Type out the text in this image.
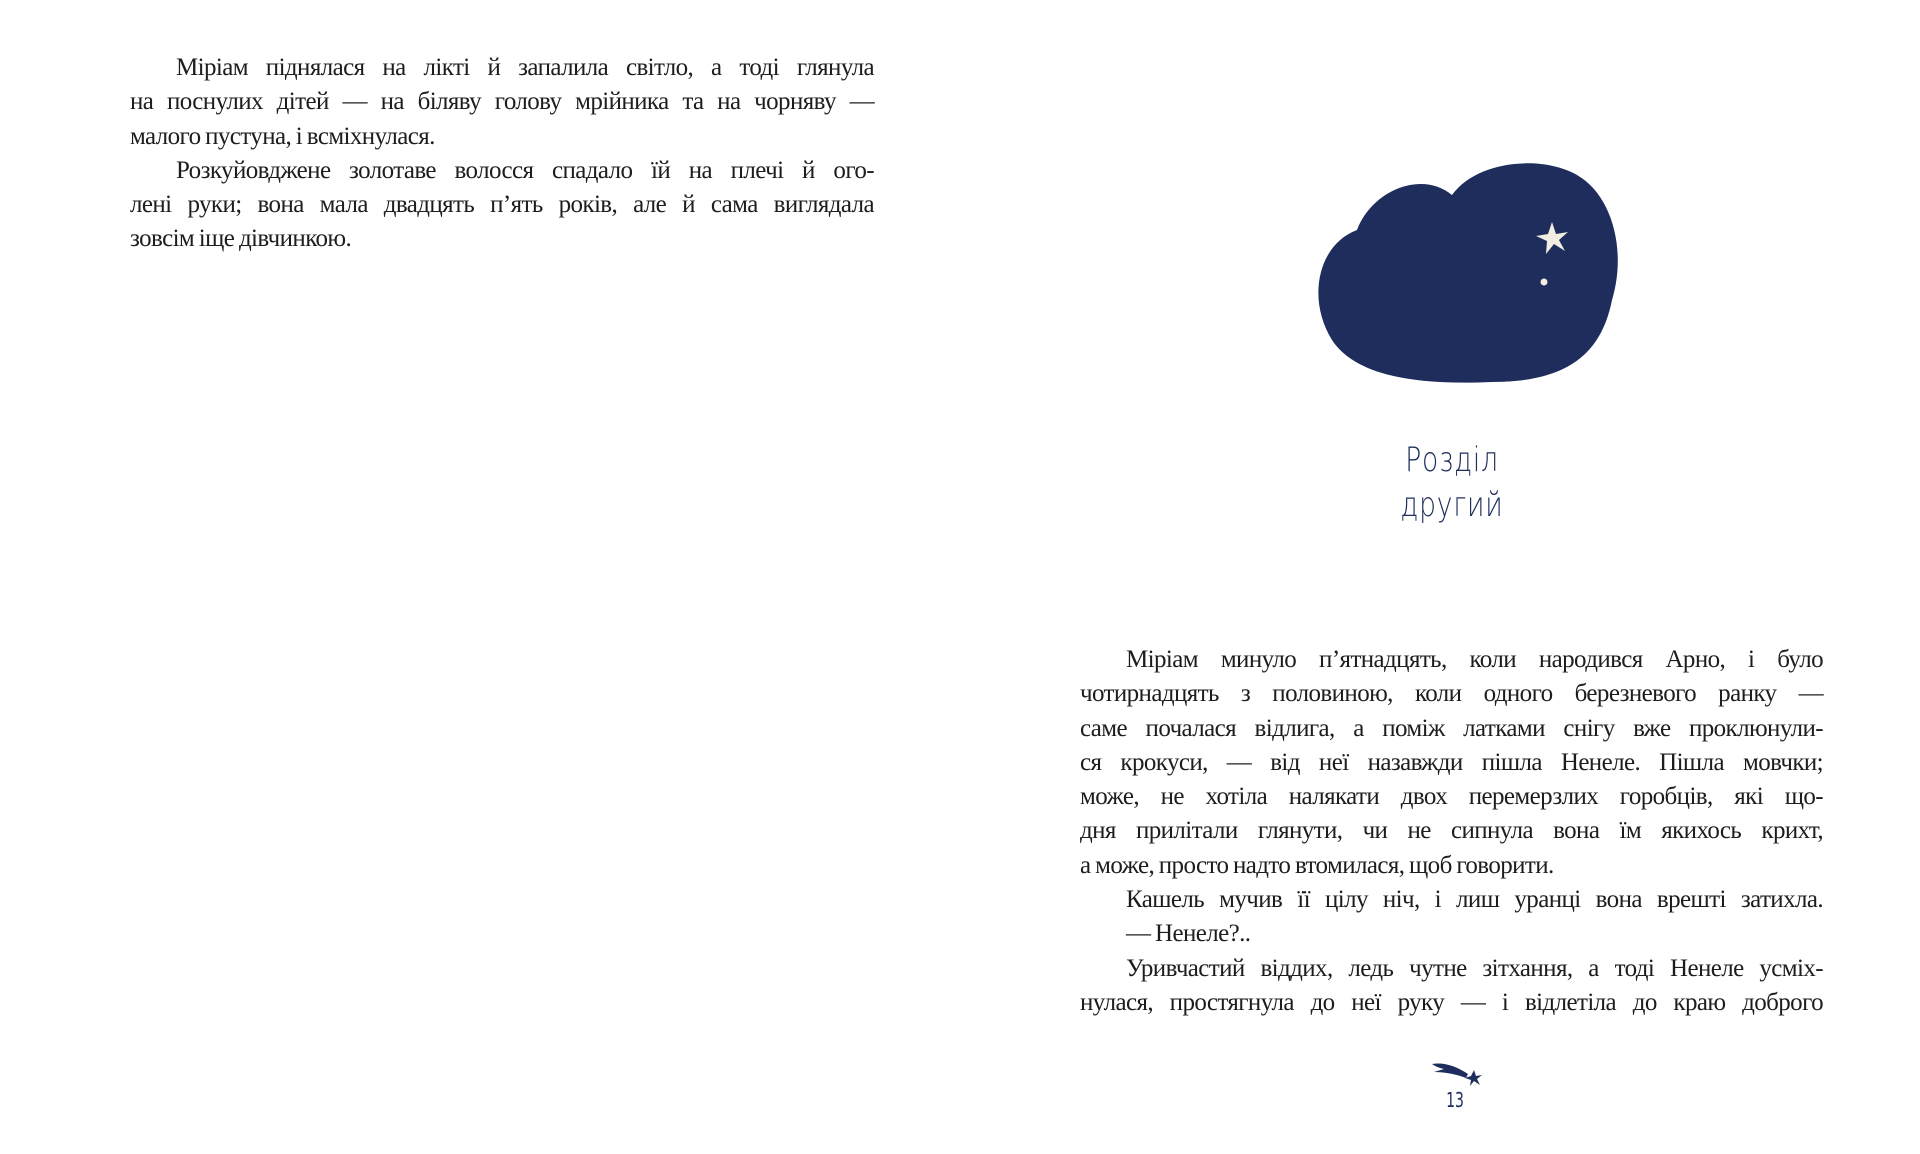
Міріам піднялася на лікті й запалила світло, а тоді глянула
на поснулих дітей — на біляву голову мрійника та на чорняву —
малого пустуна, і всміхнулася.
Розкуйовджене золотаве волосся спадало їй на плечі й ого-
лені руки; вона мала двадцять п’ять років, але й сама виглядала
зовсім іще дівчинкою.
Розділ
другий
Міріам минуло п’ятнадцять, коли народився Арно, і було
чотирнадцять з половиною, коли одного березневого ранку —
саме почалася відлига, а поміж латками снігу вже проклюнули-
ся крокуси, — від неї назавжди пішла Ненеле. Пішла мовчки;
може, не хотіла налякати двох перемерзлих горобців, які що-
дня прилітали глянути, чи не сипнула вона їм якихось крихт,
а може, просто надто втомилася, щоб говорити.
Кашель мучив її цілу ніч, і лиш уранці вона врешті затихла.
— Ненеле?..
Уривчастий віддих, ледь чутне зітхання, а тоді Ненеле усміх-
нулася, простягнула до неї руку — і відлетіла до краю доброго
13
